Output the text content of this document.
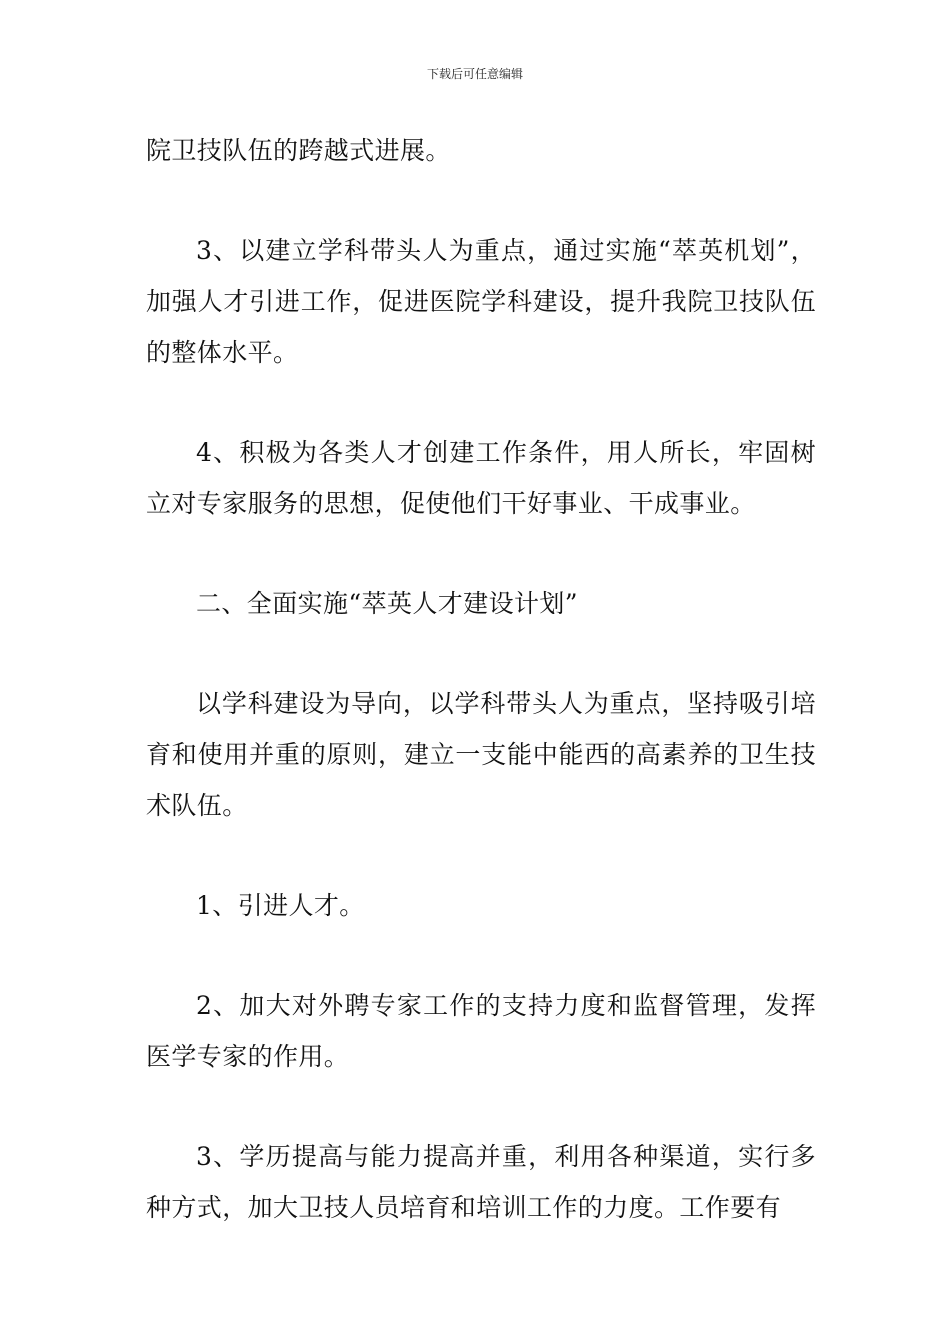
下载后可任意编辑

院卫技队伍的跨越式进展。

3、以建立学科带头人为重点，通过实施“萃英机划”，加强人才引进工作，促进医院学科建设，提升我院卫技队伍的整体水平。

4、积极为各类人才创建工作条件，用人所长，牢固树立对专家服务的思想，促使他们干好事业、干成事业。

二、全面实施“萃英人才建设计划”

以学科建设为导向，以学科带头人为重点，坚持吸引培育和使用并重的原则，建立一支能中能西的高素养的卫生技术队伍。

1、引进人才。

2、加大对外聘专家工作的支持力度和监督管理，发挥医学专家的作用。

3、学历提高与能力提高并重，利用各种渠道，实行多种方式，加大卫技人员培育和培训工作的力度。工作要有
